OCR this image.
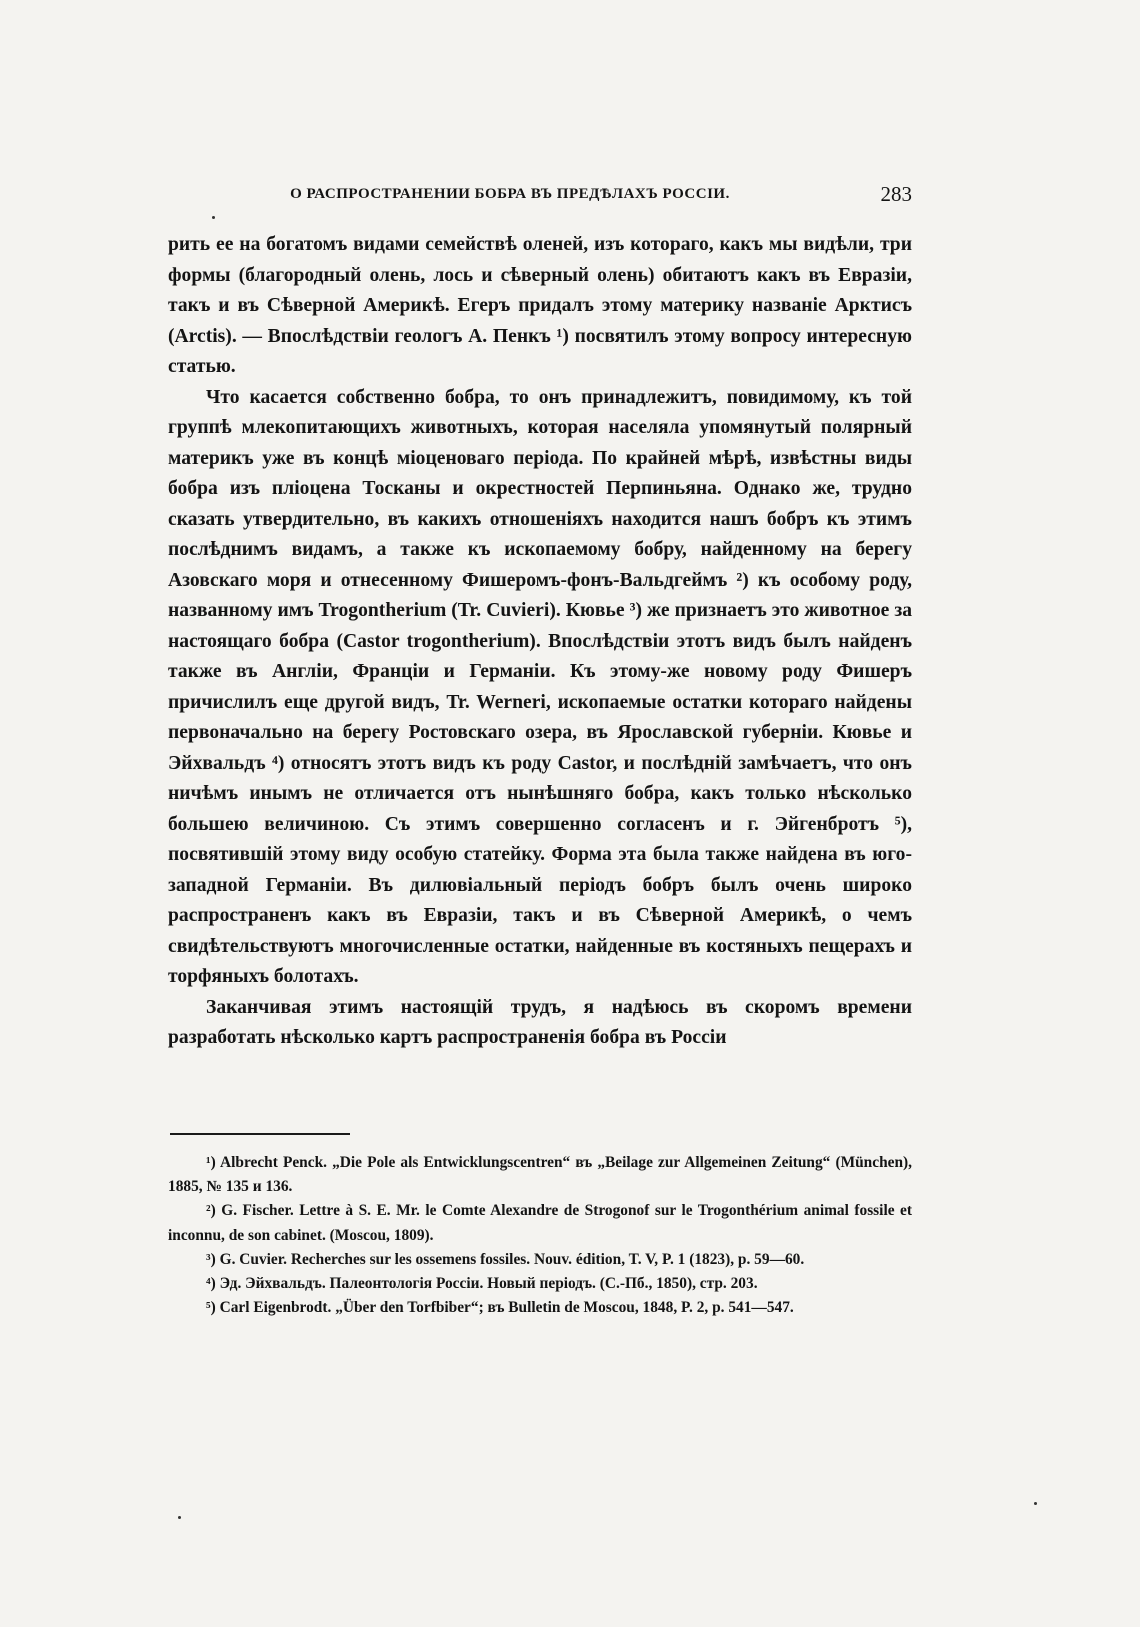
О РАСПРОСТРАНЕНИИ БОБРА ВЪ ПРЕДѢЛАХЪ РОССІИ.	283

рить ее на богатомъ видами семействѣ оленей, изъ котораго, какъ мы видѣли, три формы (благородный олень, лось и сѣверный олень) обитаютъ какъ въ Евразіи, такъ и въ Сѣверной Америкѣ. Егеръ придалъ этому материку названіе Арктисъ (Arctis). — Впослѣдствіи геологъ А. Пенкъ ¹) посвятилъ этому вопросу интересную статью.

Что касается собственно бобра, то онъ принадлежитъ, повидимому, къ той группѣ млекопитающихъ животныхъ, которая населяла упомянутый полярный материкъ уже въ концѣ міоценоваго періода. По крайней мѣрѣ, извѣстны виды бобра изъ пліоцена Тосканы и окрестностей Перпиньяна. Однако же, трудно сказать утвердительно, въ какихъ отношеніяхъ находится нашъ бобръ къ этимъ послѣднимъ видамъ, а также къ ископаемому бобру, найденному на берегу Азовскаго моря и отнесенному Фишеромъ-фонъ-Вальдгеймъ ²) къ особому роду, названному имъ Trogontherium (Tr. Cuvieri). Кювье ³) же признаетъ это животное за настоящаго бобра (Castor trogontherium). Впослѣдствіи этотъ видъ былъ найденъ также въ Англіи, Франціи и Германіи. Къ этому-же новому роду Фишеръ причислилъ еще другой видъ, Tr. Werneri, ископаемые остатки котораго найдены первоначально на берегу Ростовскаго озера, въ Ярославской губерніи. Кювье и Эйхвальдъ ⁴) относятъ этотъ видъ къ роду Castor, и послѣдній замѣчаетъ, что онъ ничѣмъ инымъ не отличается отъ нынѣшняго бобра, какъ только нѣсколько большею величиною. Съ этимъ совершенно согласенъ и г. Эйгенбротъ ⁵), посвятившій этому виду особую статейку. Форма эта была также найдена въ юго-западной Германіи. Въ дилювіальный періодъ бобръ былъ очень широко распространенъ какъ въ Евразіи, такъ и въ Сѣверной Америкѣ, о чемъ свидѣтельствуютъ многочисленные остатки, найденные въ костяныхъ пещерахъ и торфяныхъ болотахъ.

Заканчивая этимъ настоящій трудъ, я надѣюсь въ скоромъ времени разработать нѣсколько картъ распространенія бобра въ Россіи

¹) Albrecht Penck. „Die Pole als Entwicklungscentren“ въ „Beilage zur Allgemeinen Zeitung“ (München), 1885, № 135 и 136.

²) G. Fischer. Lettre à S. E. Mr. le Comte Alexandre de Strogonof sur le Trogonthérium animal fossile et inconnu, de son cabinet. (Moscou, 1809).

³) G. Cuvier. Recherches sur les ossemens fossiles. Nouv. édition, T. V, P. 1 (1823), p. 59—60.

⁴) Эд. Эйхвальдъ. Палеонтологія Россіи. Новый періодъ. (С.-Пб., 1850), стр. 203.

⁵) Carl Eigenbrodt. „Über den Torfbiber“; въ Bulletin de Moscou, 1848, P. 2, p. 541—547.
